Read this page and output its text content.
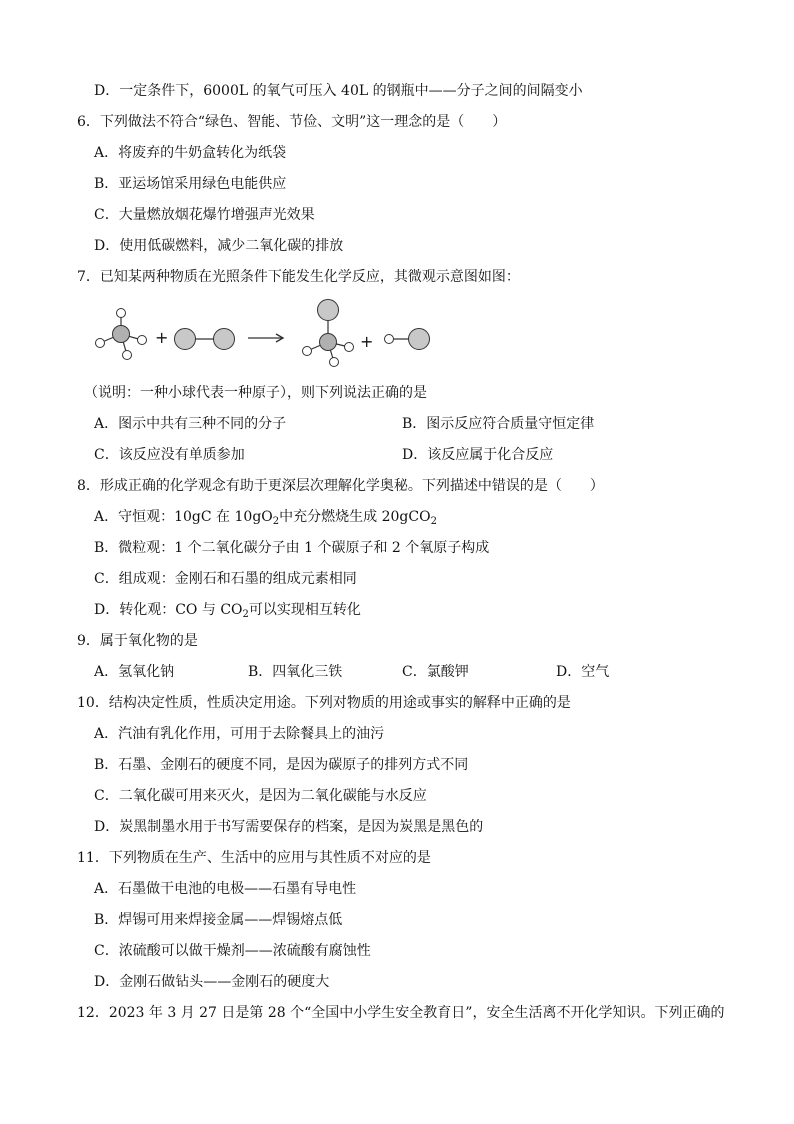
D．一定条件下，6000L 的氧气可压入 40L 的钢瓶中——分子之间的间隔变小
6．下列做法不符合“绿色、智能、节俭、文明”这一理念的是（　　）
A．将废弃的牛奶盒转化为纸袋
B．亚运场馆采用绿色电能供应
C．大量燃放烟花爆竹增强声光效果
D．使用低碳燃料，减少二氧化碳的排放
7．已知某两种物质在光照条件下能发生化学反应，其微观示意图如图：
+	+
（说明：一种小球代表一种原子），则下列说法正确的是
A．图示中共有三种不同的分子	B．图示反应符合质量守恒定律
C．该反应没有单质参加	D．该反应属于化合反应
8．形成正确的化学观念有助于更深层次理解化学奥秘。下列描述中错误的是（　　）
A．守恒观：10gC 在 $10gO_2$中充分燃烧生成 20gCO$_2$
B．微粒观：1 个二氧化碳分子由 1 个碳原子和 2 个氧原子构成
C．组成观：金刚石和石墨的组成元素相同
D．转化观：CO 与 $CO_2$可以实现相互转化
9．属于氧化物的是
A．氢氧化钠	B．四氧化三铁	C．氯酸钾	D．空气
10．结构决定性质，性质决定用途。下列对物质的用途或事实的解释中正确的是
A．汽油有乳化作用，可用于去除餐具上的油污
B．石墨、金刚石的硬度不同，是因为碳原子的排列方式不同
C．二氧化碳可用来灭火，是因为二氧化碳能与水反应
D．炭黑制墨水用于书写需要保存的档案，是因为炭黑是黑色的
11．下列物质在生产、生活中的应用与其性质不对应的是
A．石墨做干电池的电极——石墨有导电性
B．焊锡可用来焊接金属——焊锡熔点低
C．浓硫酸可以做干燥剂——浓硫酸有腐蚀性
D．金刚石做钻头——金刚石的硬度大
12．2023 年 3 月 27 日是第 28 个“全国中小学生安全教育日”，安全生活离不开化学知识。下列正确的
